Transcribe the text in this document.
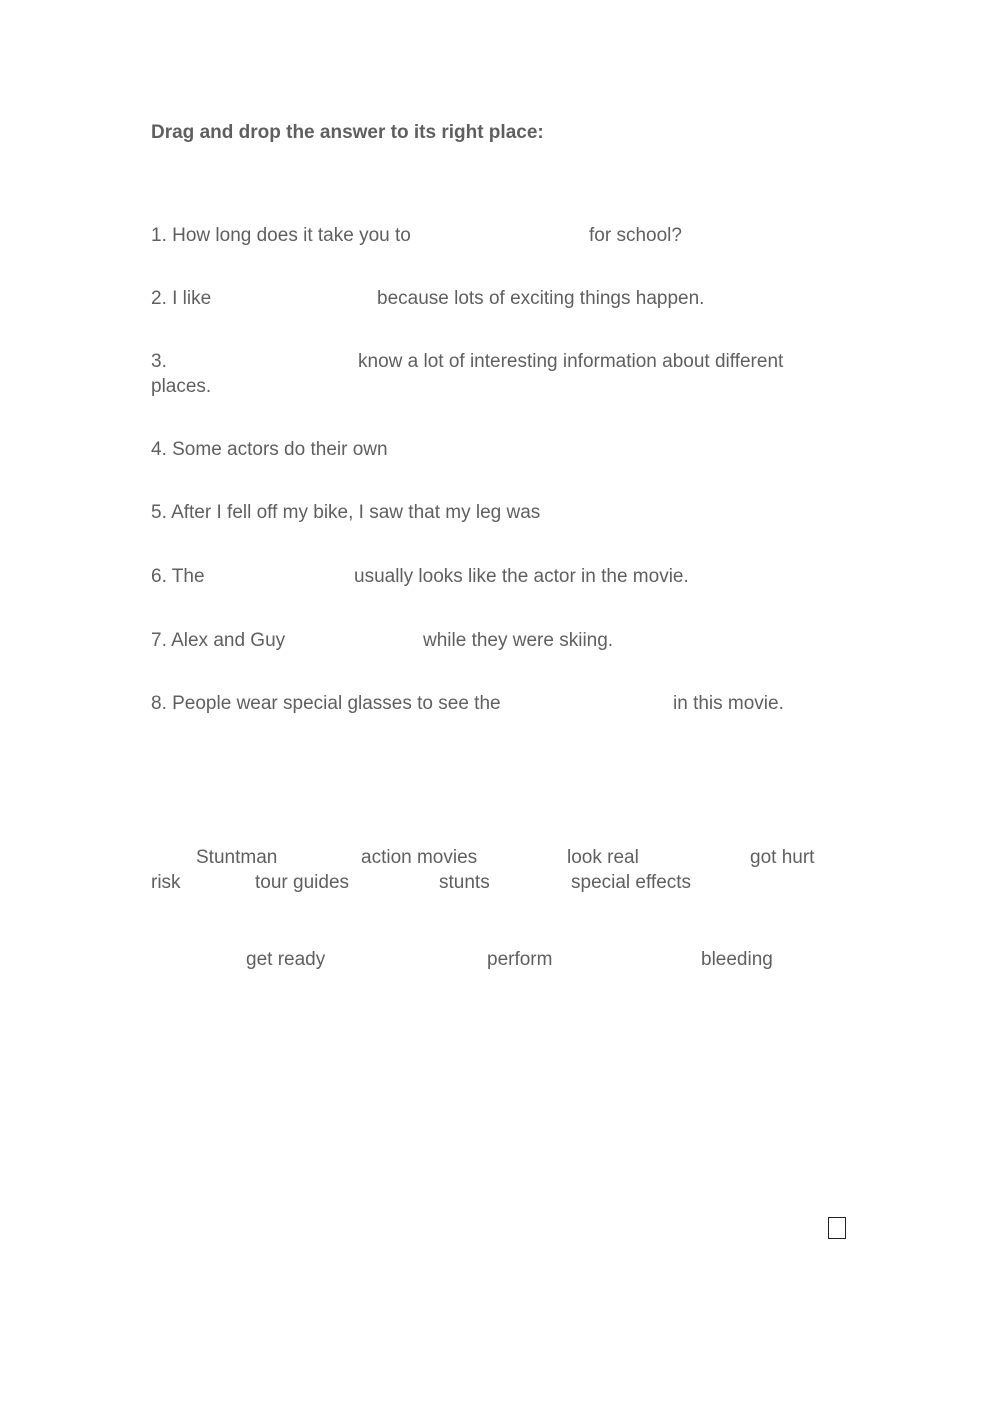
Drag and drop the answer to its right place:
1. How long does it take you to	for school?
2. I like	because lots of exciting things happen.
3.	know a lot of interesting information about different
places.
4. Some actors do their own
5. After I fell off my bike, I saw that my leg was
6. The	usually looks like the actor in the movie.
7. Alex and Guy	while they were skiing.
8. People wear special glasses to see the	in this movie.
Stuntman	action movies	look real	got hurt
risk	tour guides	stunts	special effects
get ready	perform	bleeding
